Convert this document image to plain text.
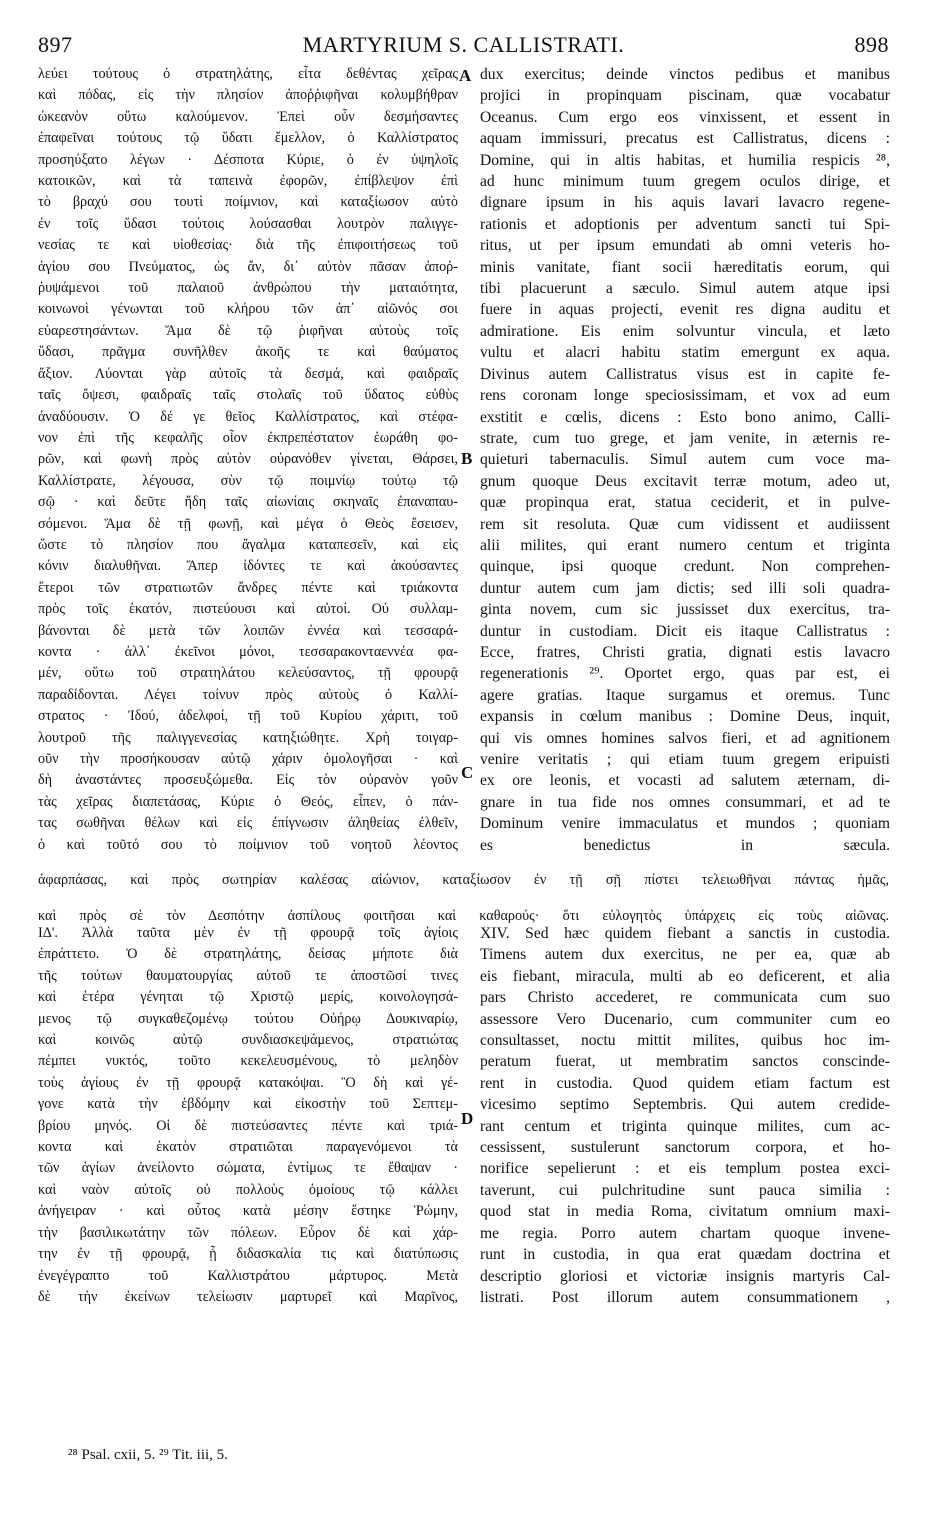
897	MARTYRIUM S. CALLISTRATI.	898

λεύει τούτους ὁ στρατηλάτης, εἶτα δεθέντας χεῖρας

καὶ πόδας, εἰς τὴν πλησίον ἀποῤῥιφῆναι κολυμβήθραν

ὠκεανὸν οὕτω καλούμενον. Ἐπεὶ οὖν δεσμήσαντες

ἐπαφεῖναι τούτους τῷ ὕδατι ἔμελλον, ὁ Καλλίστρατος

προσηύξατο λέγων · Δέσποτα Κύριε, ὁ ἐν ὑψηλοῖς

κατοικῶν, καὶ τὰ ταπεινὰ ἐφορῶν, ἐπίβλεψον ἐπὶ

τὸ βραχύ σου τουτὶ ποίμνιον, καὶ καταξίωσον αὐτὸ

ἐν τοῖς ὕδασι τούτοις λούσασθαι λουτρὸν παλιγγε-

νεσίας τε καὶ υἱοθεσίας· διὰ τῆς ἐπιφοιτήσεως τοῦ

ἁγίου σου Πνεύματος, ὡς ἄν, δι᾽ αὐτὸν πᾶσαν ἀποῤ-

ῥυψάμενοι τοῦ παλαιοῦ ἀνθρώπου τὴν ματαιότητα,

κοινωνοὶ γένωνται τοῦ κλήρου τῶν ἀπ᾽ αἰῶνός σοι

εὐαρεστησάντων. Ἅμα δὲ τῷ ῥιφῆναι αὐτοὺς τοῖς

ὕδασι, πρᾶγμα συνῆλθεν ἀκοῆς τε καὶ θαύματος

ἄξιον. Λύονται γὰρ αὐτοῖς τὰ δεσμά, καὶ φαιδραῖς

ταῖς ὄψεσι, φαιδραῖς ταῖς στολαῖς τοῦ ὕδατος εὐθὺς

ἀναδύουσιν. Ὁ δέ γε θεῖος Καλλίστρατος, καὶ στέφα-

νον ἐπὶ τῆς κεφαλῆς οἷον ἐκπρεπέστατον ἑωράθη φο-

ρῶν, καὶ φωνὴ πρὸς αὐτὸν οὐρανόθεν γίνεται, Θάρσει,

Καλλίστρατε, λέγουσα, σὺν τῷ ποιμνίῳ τούτῳ τῷ

σῷ · καὶ δεῦτε ἤδη ταῖς αἰωνίαις σκηναῖς ἐπαναπαυ-

σόμενοι. Ἅμα δὲ τῇ φωνῇ, καὶ μέγα ὁ Θεὸς ἔσεισεν,

ὥστε τὸ πλησίον που ἄγαλμα καταπεσεῖν, καὶ εἰς

κόνιν διαλυθῆναι. Ἅπερ ἰδόντες τε καὶ ἀκούσαντες

ἕτεροι τῶν στρατιωτῶν ἄνδρες πέντε καὶ τριάκοντα

πρὸς τοῖς ἑκατόν, πιστεύουσι καὶ αὐτοί. Οὐ συλλαμ-

βάνονται δὲ μετὰ τῶν λοιπῶν ἐννέα καὶ τεσσαρά-

κοντα · ἀλλ᾽ ἐκεῖνοι μόνοι, τεσσαρακονταεννέα φα-

μέν, οὕτω τοῦ στρατηλάτου κελεύσαντος, τῇ φρουρᾷ

παραδίδονται. Λέγει τοίνυν πρὸς αὐτοὺς ὁ Καλλί-

στρατος · Ἰδού, ἀδελφοί, τῇ τοῦ Κυρίου χάριτι, τοῦ

λουτροῦ τῆς παλιγγενεσίας κατηξιώθητε. Χρὴ τοιγαρ-

οῦν τὴν προσήκουσαν αὐτῷ χάριν ὁμολογῆσαι · καὶ

δὴ ἀναστάντες προσευξώμεθα. Εἰς τὸν οὐρανὸν γοῦν

τὰς χεῖρας διαπετάσας, Κύριε ὁ Θεός, εἶπεν, ὁ πάν-

τας σωθῆναι θέλων καὶ εἰς ἐπίγνωσιν ἀληθείας ἐλθεῖν,

ὁ καὶ τοῦτό σου τὸ ποίμνιον τοῦ νοητοῦ λέοντος

dux exercitus; deinde vinctos pedibus et manibus

projici in propinquam piscinam, quæ vocabatur

Oceanus. Cum ergo eos vinxissent, et essent in

aquam immissuri, precatus est Callistratus, dicens :

Domine, qui in altis habitas, et humilia respicis ²⁸,

ad hunc minimum tuum gregem oculos dirige, et

dignare ipsum in his aquis lavari lavacro regene-

rationis et adoptionis per adventum sancti tui Spi-

ritus, ut per ipsum emundati ab omni veteris ho-

minis vanitate, fiant socii hæreditatis eorum, qui

tibi placuerunt a sæculo. Simul autem atque ipsi

fuere in aquas projecti, evenit res digna auditu et

admiratione. Eis enim solvuntur vincula, et læto

vultu et alacri habitu statim emergunt ex aqua.

Divinus autem Callistratus visus est in capite fe-

rens coronam longe speciosissimam, et vox ad eum

exstitit e cœlis, dicens : Esto bono animo, Calli-

strate, cum tuo grege, et jam venite, in æternis re-

quieturi tabernaculis. Simul autem cum voce ma-

gnum quoque Deus excitavit terræ motum, adeo ut,

quæ propinqua erat, statua ceciderit, et in pulve-

rem sit resoluta. Quæ cum vidissent et audiissent

alii milites, qui erant numero centum et triginta

quinque, ipsi quoque credunt. Non comprehen-

duntur autem cum jam dictis; sed illi soli quadra-

ginta novem, cum sic jussisset dux exercitus, tra-

duntur in custodiam. Dicit eis itaque Callistratus :

Ecce, fratres, Christi gratia, dignati estis lavacro

regenerationis ²⁹. Oportet ergo, quas par est, ei

agere gratias. Itaque surgamus et oremus. Tunc

expansis in cœlum manibus : Domine Deus, inquit,

qui vis omnes homines salvos fieri, et ad agnitionem

venire veritatis ; qui etiam tuum gregem eripuisti

ex ore leonis, et vocasti ad salutem æternam, di-

gnare in tua fide nos omnes consummari, et ad te

Dominum venire immaculatus et mundos ; quoniam

es benedictus in sæcula.

A
B
C
D

ἀφαρπάσας, καὶ πρὸς σωτηρίαν καλέσας αἰώνιον, καταξίωσον ἐν τῇ σῇ πίστει τελειωθῆναι πάντας ἡμᾶς,

καὶ πρὸς σὲ τὸν Δεσπότην ἀσπίλους φοιτῆσαι καὶ καθαρούς· ὅτι εὐλογητὸς ὑπάρχεις εἰς τοὺς αἰῶνας.

ΙΔ'. Ἀλλὰ ταῦτα μὲν ἐν τῇ φρουρᾷ τοῖς ἁγίοις

ἐπράττετο. Ὁ δὲ στρατηλάτης, δείσας μήποτε διὰ

τῆς τούτων θαυματουργίας αὐτοῦ τε ἀποστῶσί τινες

καὶ ἑτέρα γένηται τῷ Χριστῷ μερίς, κοινολογησά-

μενος τῷ συγκαθεζομένῳ τούτου Οὐήρῳ Δουκιναρίῳ,

καὶ κοινῶς αὐτῷ συνδιασκεψάμενος, στρατιώτας

πέμπει νυκτός, τοῦτο κεκελευσμένους, τὸ μεληδὸν

τοὺς ἁγίους ἐν τῇ φρουρᾷ κατακόψαι. Ὃ δὴ καὶ γέ-

γονε κατὰ τὴν ἑβδόμην καὶ εἰκοστὴν τοῦ Σεπτεμ-

βρίου μηνός. Οἱ δὲ πιστεύσαντες πέντε καὶ τριά-

κοντα καὶ ἑκατὸν στρατιῶται παραγενόμενοι τὰ

τῶν ἁγίων ἀνείλοντο σώματα, ἐντίμως τε ἔθαψαν ·

καὶ ναὸν αὐτοῖς οὐ πολλοὺς ὁμοίους τῷ κάλλει

ἀνήγειραν · καὶ οὗτος κατὰ μέσην ἕστηκε Ῥώμην,

τὴν βασιλικωτάτην τῶν πόλεων. Εὗρον δὲ καὶ χάρ-

την ἐν τῇ φρουρᾷ, ᾗ διδασκαλία τις καὶ διατύπωσις

ἐνεγέγραπτο τοῦ Καλλιστράτου μάρτυρος. Μετὰ

δὲ τὴν ἐκείνων τελείωσιν μαρτυρεῖ καὶ Μαρῖνος,

XIV. Sed hæc quidem fiebant a sanctis in custodia.

Timens autem dux exercitus, ne per ea, quæ ab

eis fiebant, miracula, multi ab eo deficerent, et alia

pars Christo accederet, re communicata cum suo

assessore Vero Ducenario, cum communiter cum eo

consultasset, noctu mittit milites, quibus hoc im-

peratum fuerat, ut membratim sanctos conscinde-

rent in custodia. Quod quidem etiam factum est

vicesimo septimo Septembris. Qui autem credide-

rant centum et triginta quinque milites, cum ac-

cessissent, sustulerunt sanctorum corpora, et ho-

norifice sepelierunt : et eis templum postea exci-

taverunt, cui pulchritudine sunt pauca similia :

quod stat in media Roma, civitatum omnium maxi-

me regia. Porro autem chartam quoque invene-

runt in custodia, in qua erat quædam doctrina et

descriptio gloriosi et victoriæ insignis martyris Cal-

listrati. Post illorum autem consummationem ,

²⁸ Psal. cxii, 5. ²⁹ Tit. iii, 5.
